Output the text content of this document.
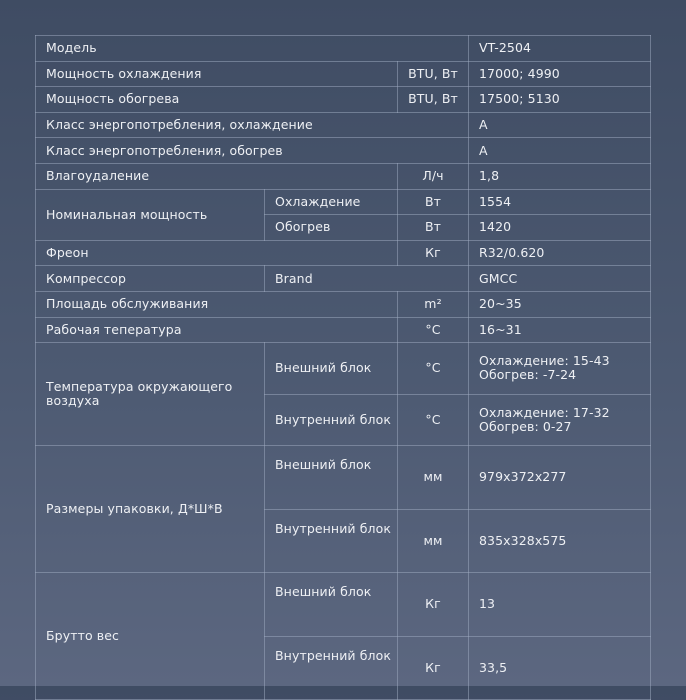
Модель			VT-2504
Мощность охлаждения		BTU, Вт	17000; 4990
Мощность обогрева		BTU, Вт	17500; 5130
Класс энергопотребления, охлаждение			A
Класс энергопотребления, обогрев			A
Влагоудаление		Л/ч	1,8
Номинальная мощность	Охлаждение	Вт	1554
	Обогрев	Вт	1420
Фреон		Кг	R32/0.620
Компрессор	Brand		GMCC
Площадь обслуживания		m²	20~35
Рабочая тепература		°C	16~31
Температура окружающего воздуха	Внешний блок	°C	Охлаждение: 15-43
Обогрев: -7-24

	Внутренний блок	°C	Охлаждение: 17-32
Обогрев: 0-27

Размеры упаковки, Д*Ш*В	Внешний блок	мм	979x372x277
	Внутренний блок	мм	835x328x575
Брутто вес	Внешний блок	Кг	13
	Внутренний блок	Кг	33,5
